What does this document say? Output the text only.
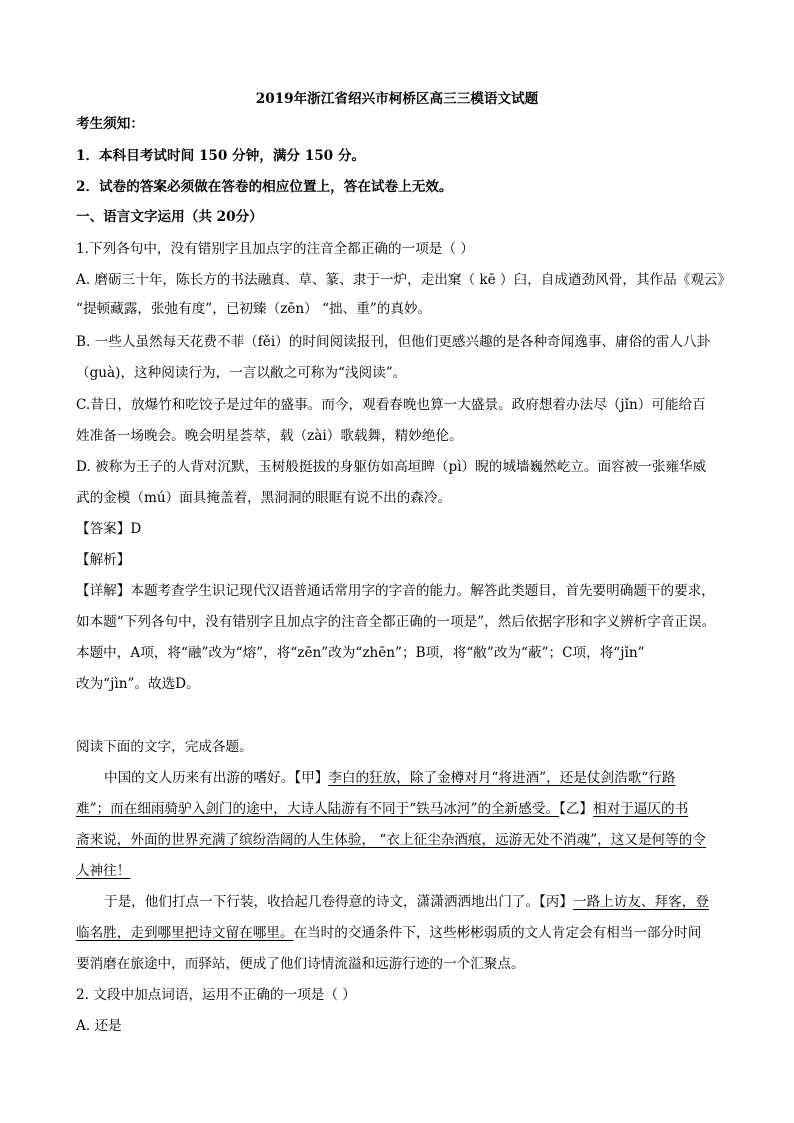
2019年浙江省绍兴市柯桥区高三三模语文试题
考生须知：
1．本科目考试时间 150 分钟，满分 150 分。
2．试卷的答案必须做在答卷的相应位置上，答在试卷上无效。
一、语言文字运用（共 20分）
1.下列各句中，没有错别字且加点字的注音全都正确的一项是（ ）
A. 磨砺三十年，陈长方的书法融真、草、篆、隶于一炉，走出窠（ kē ）臼，自成遒劲风骨，其作品《观云》
“提顿藏露，张弛有度”，已初臻（zēn） “拙、重”的真妙。
B. 一些人虽然每天花费不菲（fěi）的时间阅读报刊，但他们更感兴趣的是各种奇闻逸事、庸俗的雷人八卦
（guà)，这种阅读行为，一言以敝之可称为“浅阅读”。
C.昔日，放爆竹和吃饺子是过年的盛事。而今，观看春晚也算一大盛景。政府想着办法尽（jǐn）可能给百
姓准备一场晚会。晚会明星荟萃，载（zài）歌载舞，精妙绝伦。
D. 被称为王子的人背对沉默，玉树般挺拔的身躯仿如高垣睥（pì）睨的城墙巍然屹立。面容被一张雍华威
武的金模（mú）面具掩盖着，黑洞洞的眼眶有说不出的森冷。
【答案】D
【解析】
【详解】本题考查学生识记现代汉语普通话常用字的字音的能力。解答此类题目，首先要明确题干的要求，
如本题“下列各句中，没有错别字且加点字的注音全都正确的一项是”，然后依据字形和字义辨析字音正误。
本题中，A项，将“融”改为“熔”，将“zēn”改为“zhēn”；B项，将“敝”改为“蔽”；C项，将“jǐn”
改为“jìn”。故选D。
阅读下面的文字，完成各题。
中国的文人历来有出游的嗜好。【甲】李白的狂放，除了金樽对月“将进酒”，还是仗剑浩歌“行路
难”；而在细雨骑驴入剑门的途中，大诗人陆游有不同于“铁马冰河”的全新感受。【乙】相对于逼仄的书
斋来说，外面的世界充满了缤纷浩阔的人生体验， “衣上征尘杂酒痕，远游无处不消魂”，这又是何等的令
人神往！
于是，他们打点一下行装，收拾起几卷得意的诗文，潇潇洒洒地出门了。【丙】一路上访友、拜客，登
临名胜，走到哪里把诗文留在哪里。在当时的交通条件下，这些彬彬弱质的文人肯定会有相当一部分时间
要消磨在旅途中，而驿站，便成了他们诗情流溢和远游行迹的一个汇聚点。
2. 文段中加点词语，运用不正确的一项是（ ）
A. 还是
